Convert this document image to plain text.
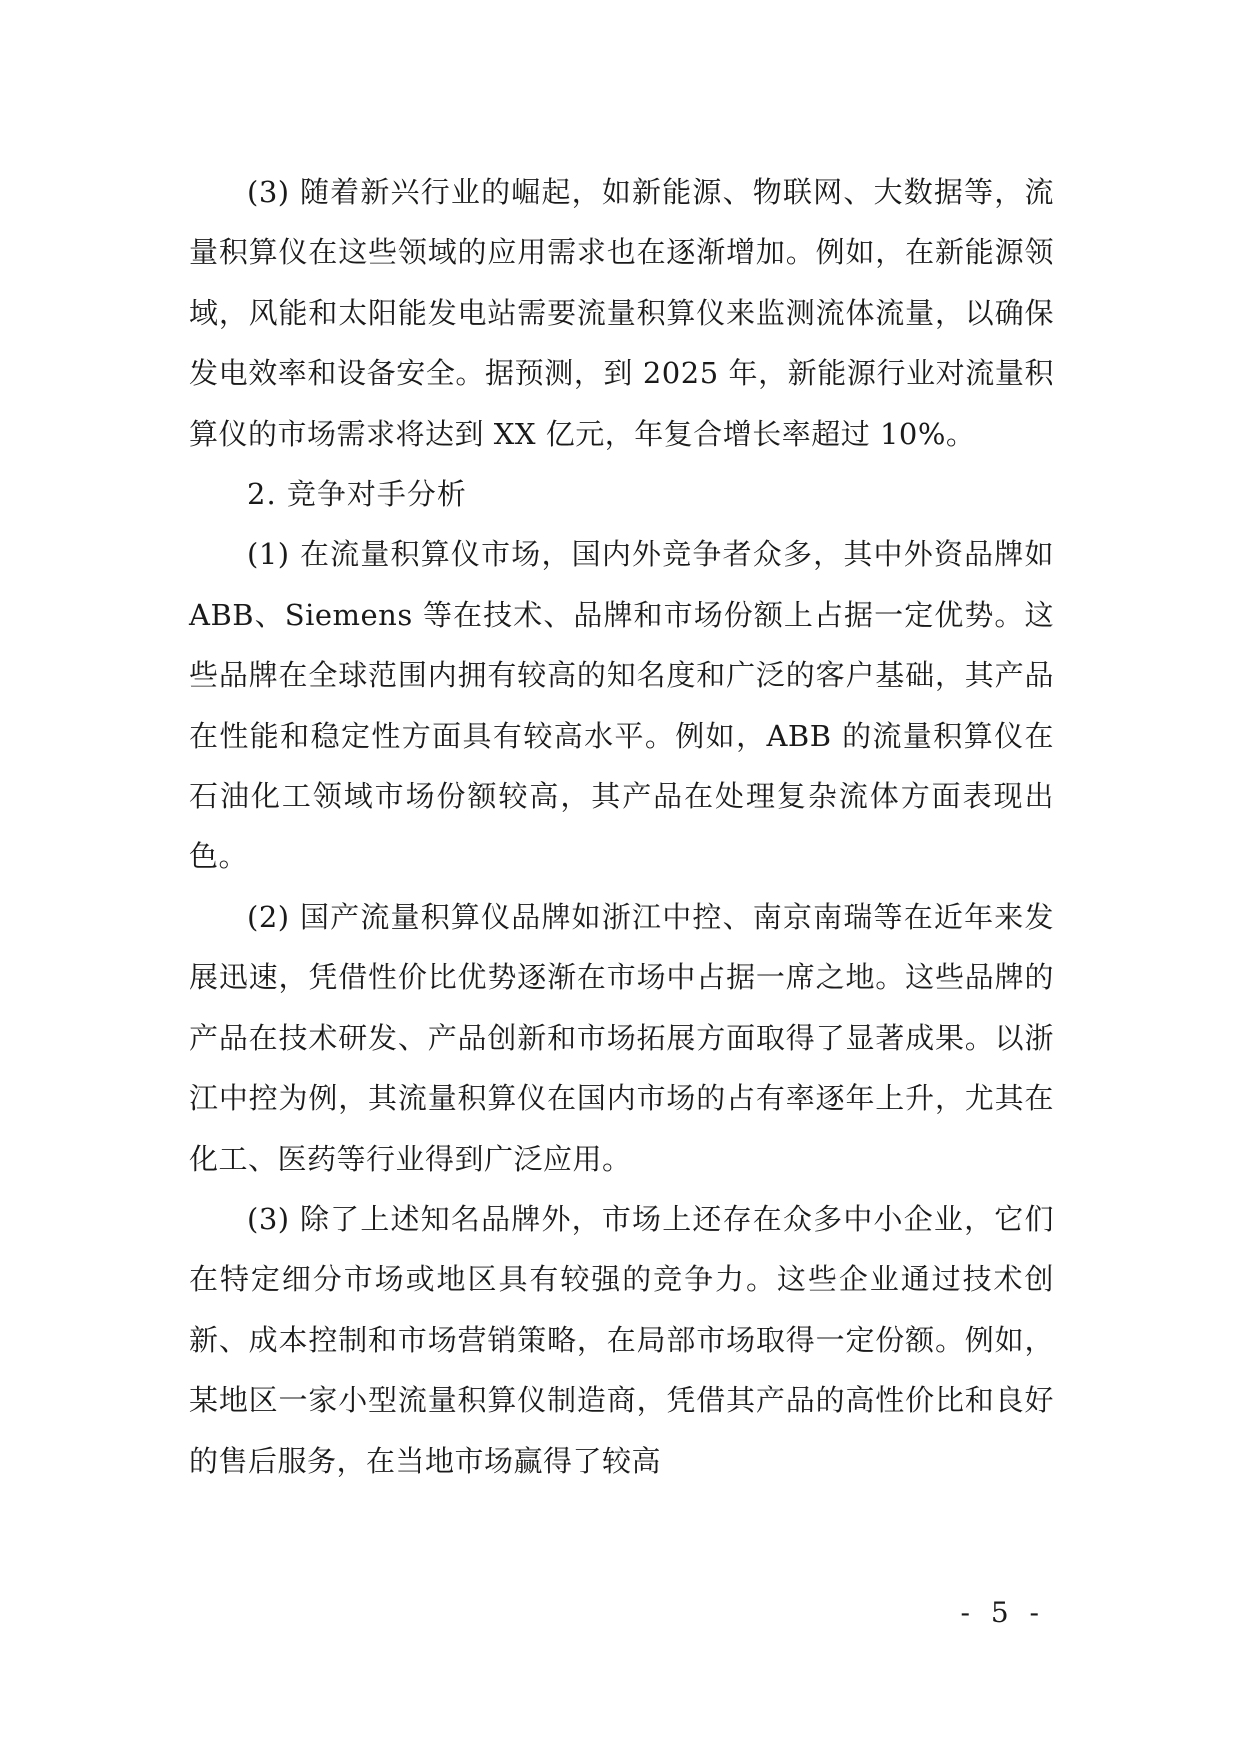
(3) 随着新兴行业的崛起，如新能源、物联网、大数据等，流量积算仪在这些领域的应用需求也在逐渐增加。例如，在新能源领域，风能和太阳能发电站需要流量积算仪来监测流体流量，以确保发电效率和设备安全。据预测，到 2025 年，新能源行业对流量积算仪的市场需求将达到 XX 亿元，年复合增长率超过 10%。

2. 竞争对手分析

(1) 在流量积算仪市场，国内外竞争者众多，其中外资品牌如 ABB、Siemens 等在技术、品牌和市场份额上占据一定优势。这些品牌在全球范围内拥有较高的知名度和广泛的客户基础，其产品在性能和稳定性方面具有较高水平。例如，ABB 的流量积算仪在石油化工领域市场份额较高，其产品在处理复杂流体方面表现出色。

(2) 国产流量积算仪品牌如浙江中控、南京南瑞等在近年来发展迅速，凭借性价比优势逐渐在市场中占据一席之地。这些品牌的产品在技术研发、产品创新和市场拓展方面取得了显著成果。以浙江中控为例，其流量积算仪在国内市场的占有率逐年上升，尤其在化工、医药等行业得到广泛应用。

(3) 除了上述知名品牌外，市场上还存在众多中小企业，它们在特定细分市场或地区具有较强的竞争力。这些企业通过技术创新、成本控制和市场营销策略，在局部市场取得一定份额。例如，某地区一家小型流量积算仪制造商，凭借其产品的高性价比和良好的售后服务，在当地市场赢得了较高

- 5 -
